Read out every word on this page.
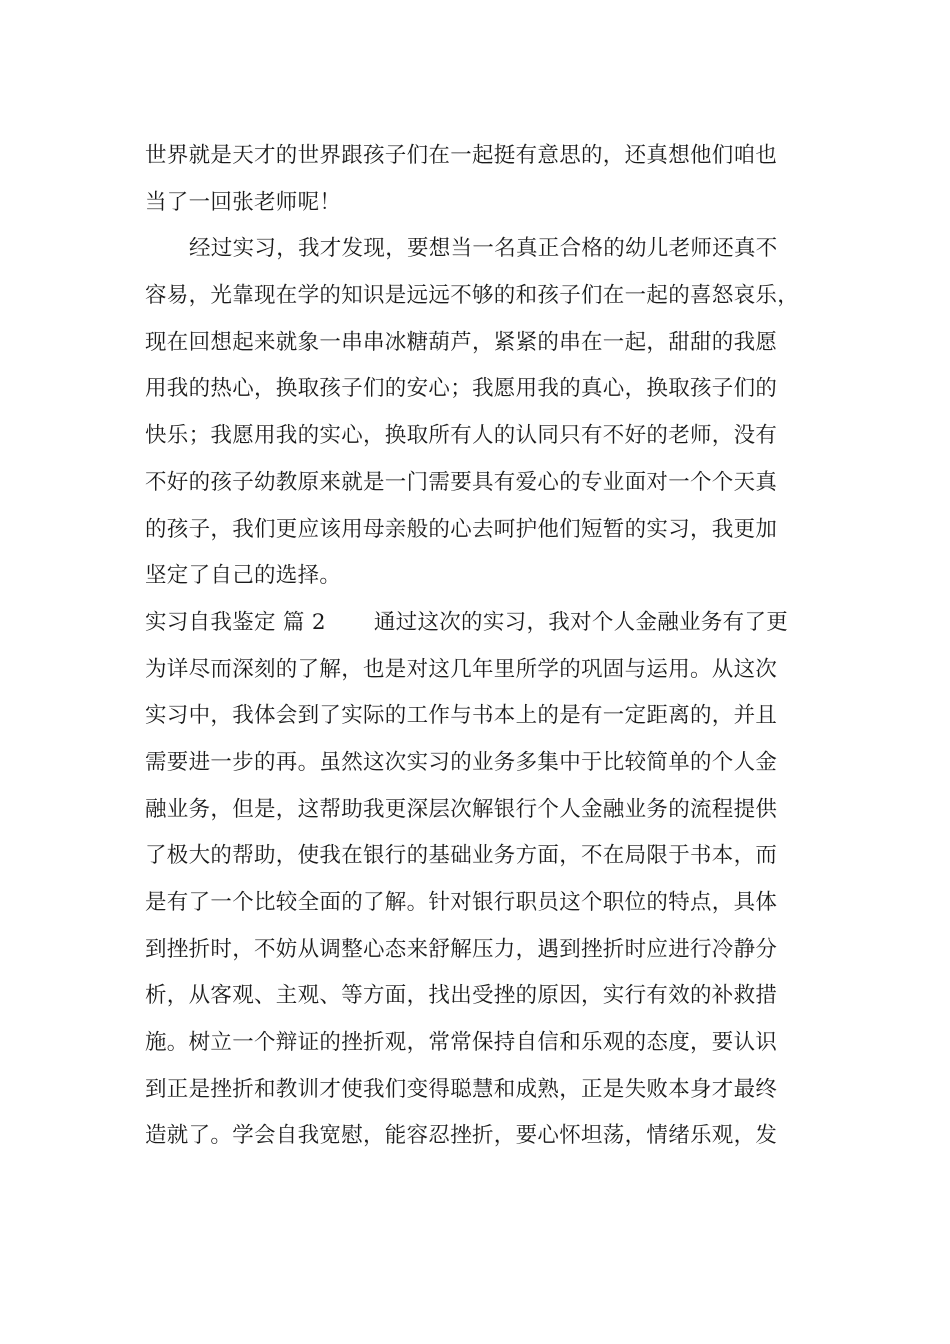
世界就是天才的世界跟孩子们在一起挺有意思的，还真想他们咱也
当了一回张老师呢！
经过实习，我才发现，要想当一名真正合格的幼儿老师还真不
容易，光靠现在学的知识是远远不够的和孩子们在一起的喜怒哀乐，
现在回想起来就象一串串冰糖葫芦，紧紧的串在一起，甜甜的我愿
用我的热心，换取孩子们的安心；我愿用我的真心，换取孩子们的
快乐；我愿用我的实心，换取所有人的认同只有不好的老师，没有
不好的孩子幼教原来就是一门需要具有爱心的专业面对一个个天真
的孩子，我们更应该用母亲般的心去呵护他们短暂的实习，我更加
坚定了自己的选择。
实习自我鉴定 篇 2 通过这次的实习，我对个人金融业务有了更
为详尽而深刻的了解，也是对这几年里所学的巩固与运用。从这次
实习中，我体会到了实际的工作与书本上的是有一定距离的，并且
需要进一步的再。虽然这次实习的业务多集中于比较简单的个人金
融业务，但是，这帮助我更深层次解银行个人金融业务的流程提供
了极大的帮助，使我在银行的基础业务方面，不在局限于书本，而
是有了一个比较全面的了解。针对银行职员这个职位的特点，具体
到挫折时，不妨从调整心态来舒解压力，遇到挫折时应进行冷静分
析，从客观、主观、等方面，找出受挫的原因，实行有效的补救措
施。树立一个辩证的挫折观，常常保持自信和乐观的态度，要认识
到正是挫折和教训才使我们变得聪慧和成熟，正是失败本身才最终
造就了。学会自我宽慰，能容忍挫折，要心怀坦荡，情绪乐观，发
